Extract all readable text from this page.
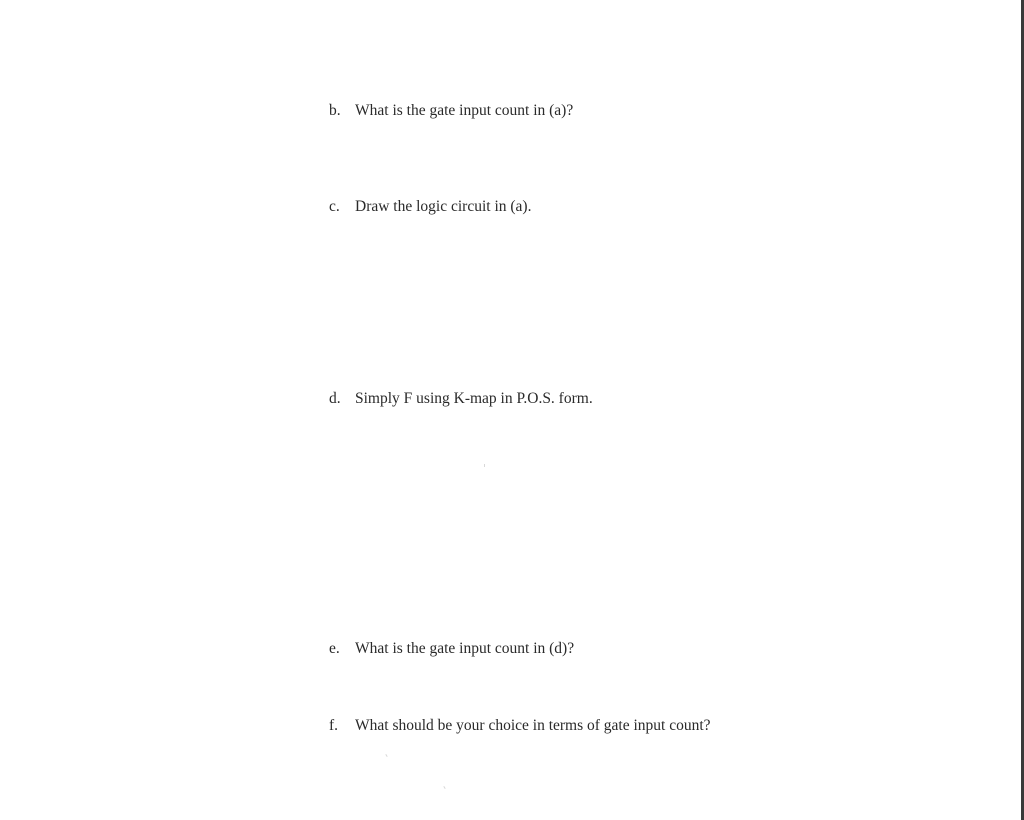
b. What is the gate input count in (a)?
c. Draw the logic circuit in (a).
d. Simply F using K-map in P.O.S. form.
e. What is the gate input count in (d)?
f.	What should be your choice in terms of gate input count?
